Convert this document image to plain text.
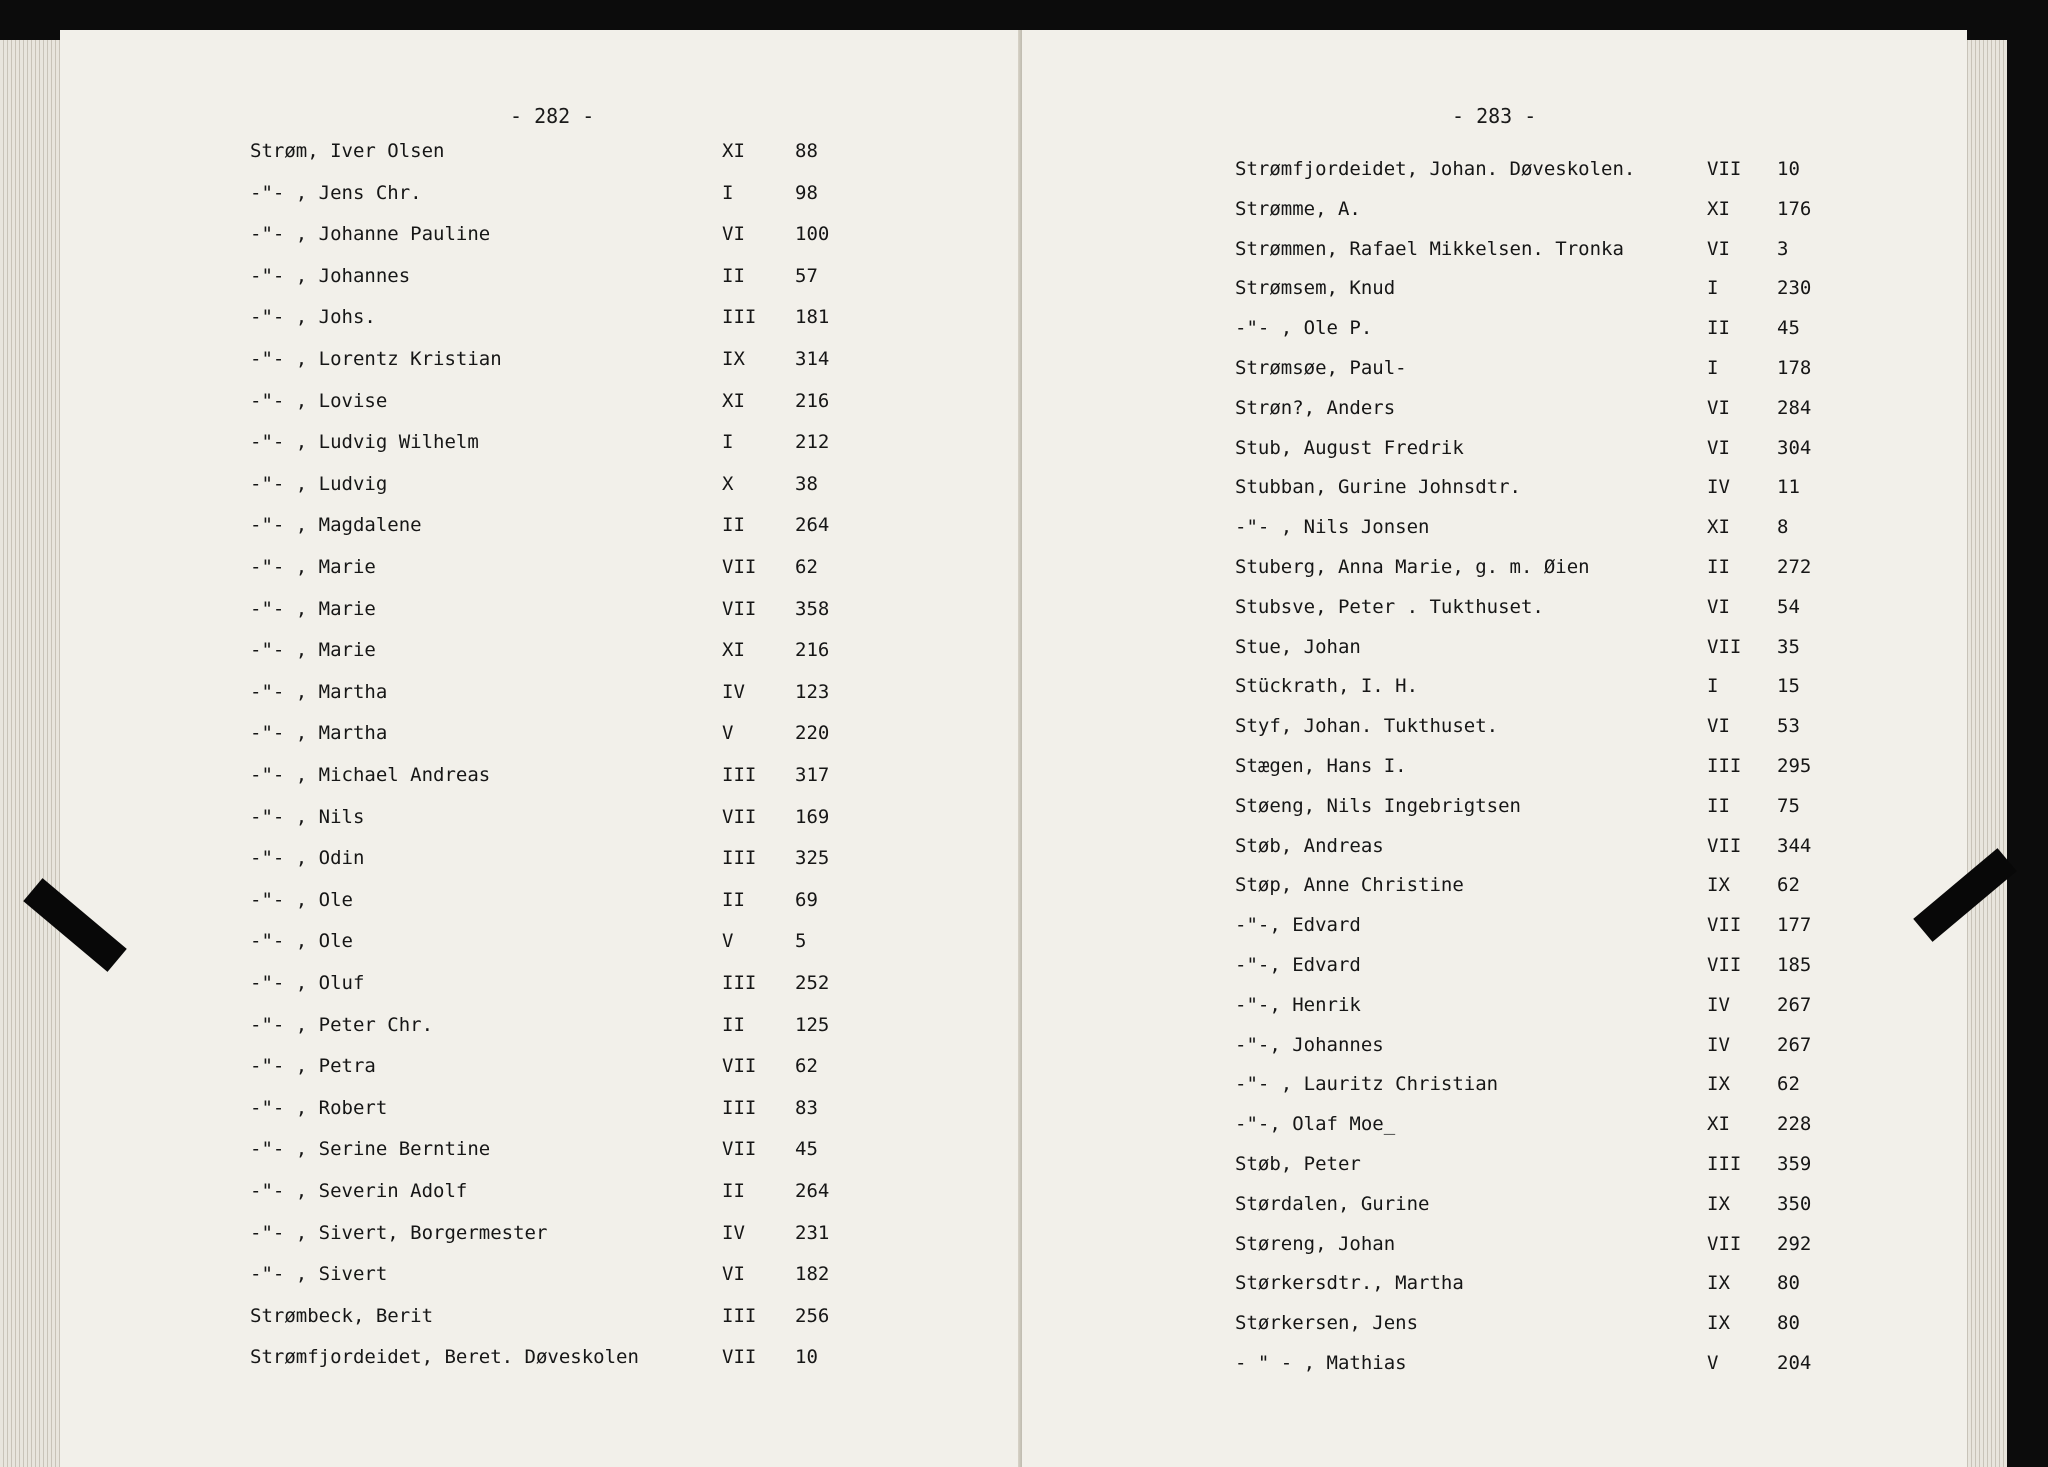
- 282 -
Strøm, Iver Olsen	XI	88
-"- , Jens Chr.	I	98
-"- , Johanne Pauline	VI	100
-"- , Johannes	II	57
-"- , Johs.	III 181
-"- , Lorentz Kristian	IX	314
-"- , Lovise	XI	216
-"- , Ludvig Wilhelm	I	212
-"- , Ludvig	X	38
-"- , Magdalene	II	264
-"- , Marie	VII 62
-"- , Marie	VII 358
-"- , Marie	XI	216
-"- , Martha	IV	123
-"- , Martha	V	220
-"- , Michael Andreas	III 317
-"- , Nils	VII 169
-"- , Odin	III 325
-"- , Ole	II	69
-"- , Ole	V	5
-"- , Oluf	III 252
-"- , Peter Chr.	II	125
-"- , Petra	VII 62
-"- , Robert	III 83
-"- , Serine Berntine	VII 45
-"- , Severin Adolf	II	264
-"- , Sivert, Borgermester	IV	231
-"- , Sivert	VI	182
Strømbeck, Berit	III 256
Strømfjordeidet, Beret. Døveskolen	VII 10
- 283 -
Strømfjordeidet, Johan. Døveskolen.	VII 10
Strømme, A.	XI 176
Strømmen, Rafael Mikkelsen. Tronka	VI 3
Strømsem, Knud	I	230
-"- , Ole P.	II 45
Strømsøe, Paul-	I	178
Strøn?, Anders	VI 284
Stub, August Fredrik	VI 304
Stubban, Gurine Johnsdtr.	IV 11
-"- , Nils Jonsen	XI 8
Stuberg, Anna Marie, g. m. Øien	II 272
Stubsve, Peter . Tukthuset.	VI 54
Stue, Johan	VII 35
Stückrath, I. H.	I	15
Styf, Johan. Tukthuset.	VI 53
Stægen, Hans I.	III 295
Støeng, Nils Ingebrigtsen	II 75
Støb, Andreas	VII 344
Støp, Anne Christine	IX 62
-"-, Edvard	VII 177
-"-, Edvard	VII 185
-"-, Henrik	IV 267
-"-, Johannes	IV 267
-"- , Lauritz Christian	IX 62
-"-, Olaf Moe_	XI 228
Støb, Peter	III 359
Størdalen, Gurine	IX 350
Støreng, Johan	VII 292
Størkersdtr., Martha	IX 80
Størkersen, Jens	IX 80
- " - , Mathias	V	204
